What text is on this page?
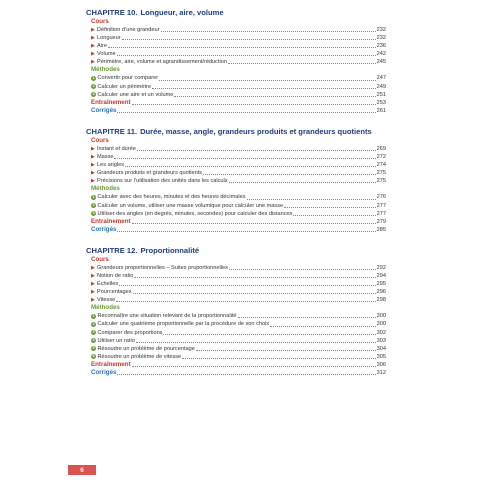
CHAPITRE 10. Longueur, aire, volume
Cours
▶ Définition d’une grandeur	232
▶ Longueur	232
▶ Aire	236
▶ Volume	242
▶ Périmètre, aire, volume et agrandissement/réduction	245
Méthodes
1 Convertir pour comparer	247
2 Calculer un périmètre	249
3 Calculer une aire et un volume	251
Entraînement	253
Corrigés	261
CHAPITRE 11. Durée, masse, angle, grandeurs produits et grandeurs quotients
Cours
▶ Instant et durée	269
▶ Masse	272
▶ Les angles	274
▶ Grandeurs produits et grandeurs quotients	275
▶ Précisions sur l’utilisation des unités dans les calculs	275
Méthodes
1 Calculer avec des heures, minutes et des heures décimales	276
2 Calculer un volume, utiliser une masse volumique pour calculer une masse	277
3 Utiliser des angles (en degrés, minutes, secondes) pour calculer des distances	277
Entraînement	279
Corrigés	285
CHAPITRE 12. Proportionnalité
Cours
▶ Grandeurs proportionnelles – Suites proportionnelles	292
▶ Notion de ratio	294
▶ Échelles	295
▶ Pourcentages	296
▶ Vitesse	298
Méthodes
1 Reconnaître une situation relevant de la proportionnalité	300
2 Calculer une quatrième proportionnelle par la procédure de son choix	300
3 Comparer des proportions	302
4 Utiliser un ratio	303
5 Résoudre un problème de pourcentage	304
6 Résoudre un problème de vitesse	305
Entraînement	306
Corrigés	312
6
